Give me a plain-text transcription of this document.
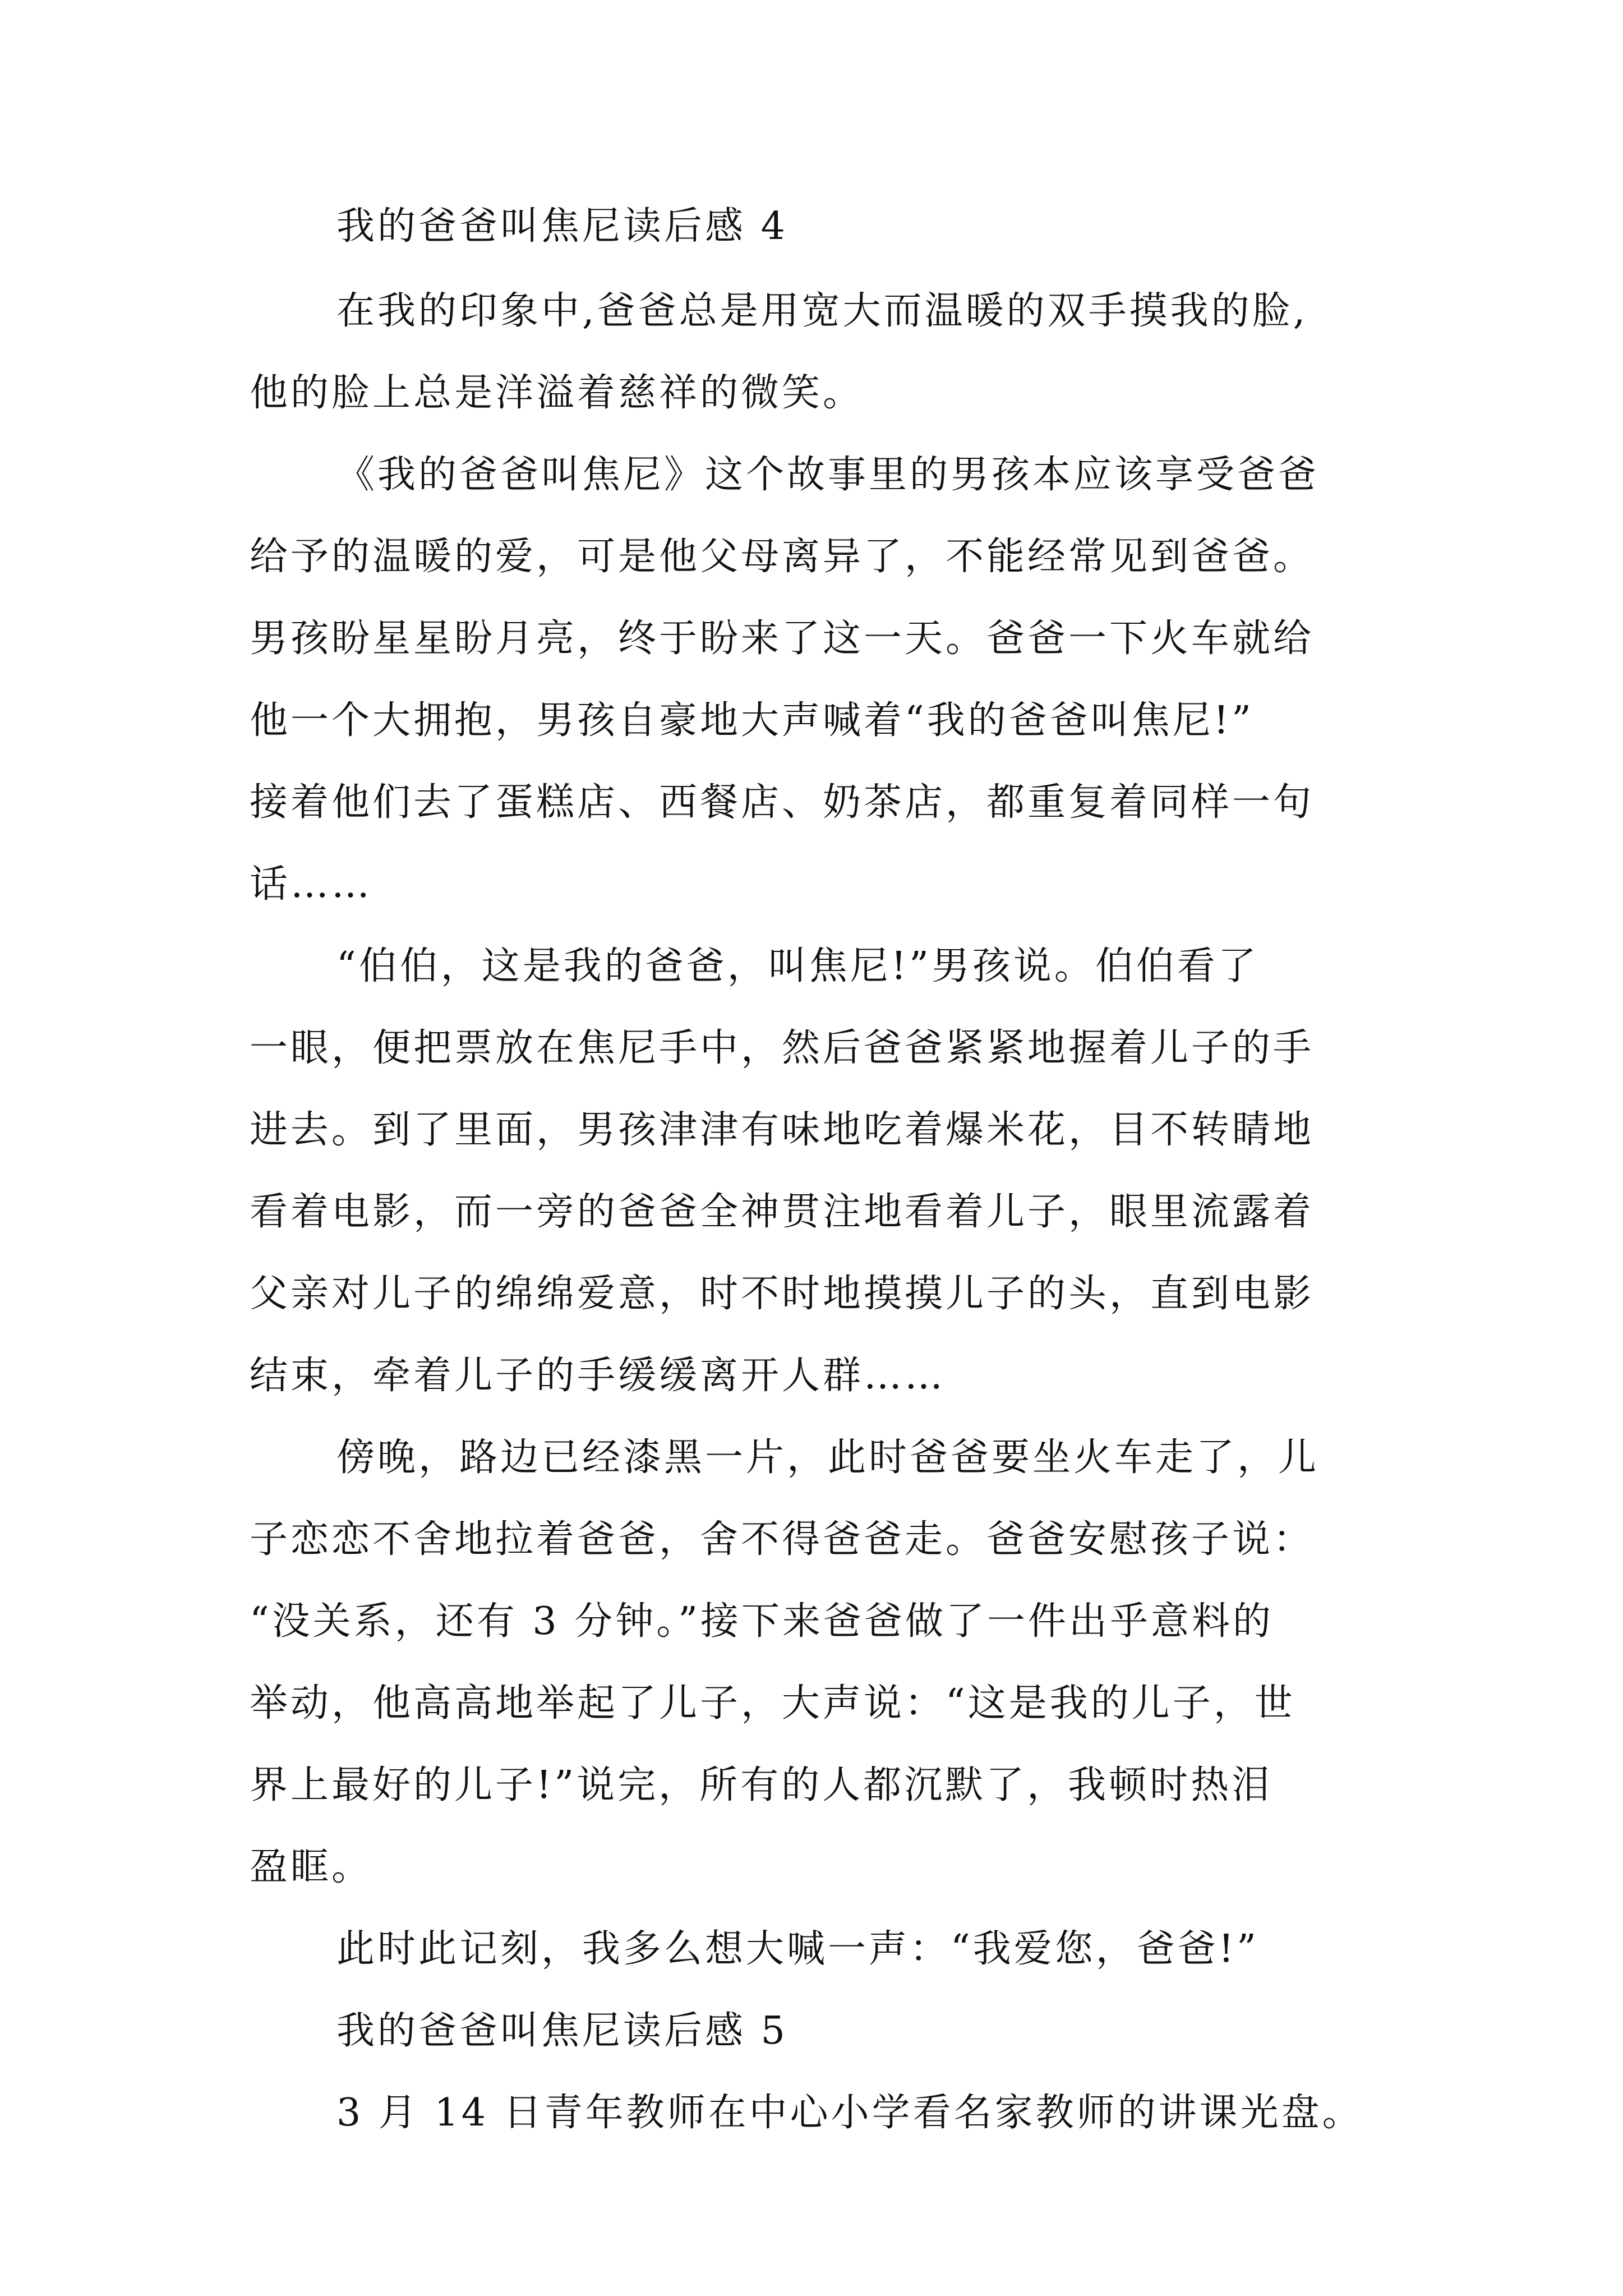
我的爸爸叫焦尼读后感 4
在我的印象中,爸爸总是用宽大而温暖的双手摸我的脸,
他的脸上总是洋溢着慈祥的微笑。
《我的爸爸叫焦尼》这个故事里的男孩本应该享受爸爸
给予的温暖的爱，可是他父母离异了，不能经常见到爸爸。
男孩盼星星盼月亮，终于盼来了这一天。爸爸一下火车就给
他一个大拥抱，男孩自豪地大声喊着“我的爸爸叫焦尼!”
接着他们去了蛋糕店、西餐店、奶茶店，都重复着同样一句
话……
“伯伯，这是我的爸爸，叫焦尼!”男孩说。伯伯看了
一眼，便把票放在焦尼手中，然后爸爸紧紧地握着儿子的手
进去。到了里面，男孩津津有味地吃着爆米花，目不转睛地
看着电影，而一旁的爸爸全神贯注地看着儿子，眼里流露着
父亲对儿子的绵绵爱意，时不时地摸摸儿子的头，直到电影
结束，牵着儿子的手缓缓离开人群……
傍晚，路边已经漆黑一片，此时爸爸要坐火车走了，儿
子恋恋不舍地拉着爸爸，舍不得爸爸走。爸爸安慰孩子说：
“没关系，还有 3 分钟。”接下来爸爸做了一件出乎意料的
举动，他高高地举起了儿子，大声说：“这是我的儿子，世
界上最好的儿子!”说完，所有的人都沉默了，我顿时热泪
盈眶。
此时此记刻，我多么想大喊一声：“我爱您，爸爸!”
我的爸爸叫焦尼读后感 5
3 月 14 日青年教师在中心小学看名家教师的讲课光盘。
